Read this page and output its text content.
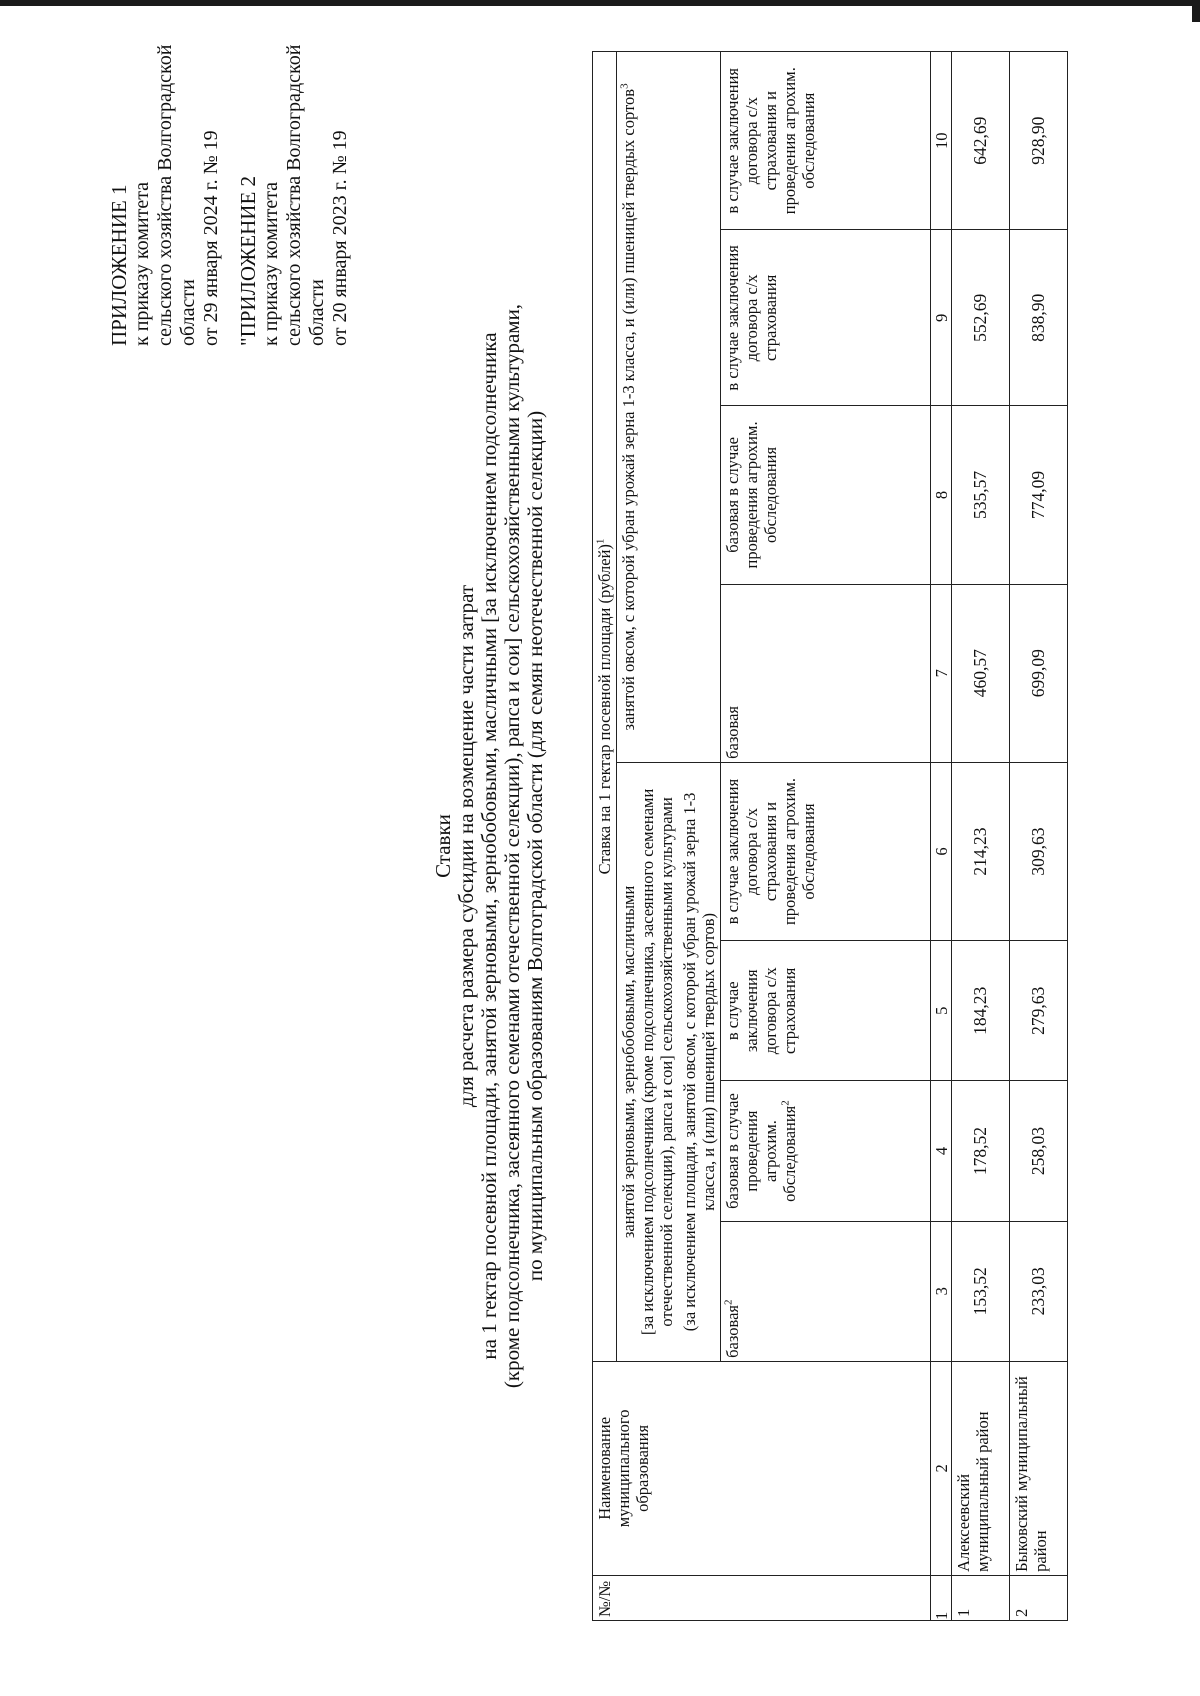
ПРИЛОЖЕНИЕ 1 к приказу комитета сельского хозяйства Волгоградской области от 29 января 2024 г. № 19 "ПРИЛОЖЕНИЕ 2 к приказу комитета сельского хозяйства Волгоградской области от 20 января 2023 г. № 19
Ставки для расчета размера субсидии на возмещение части затрат на 1 гектар посевной площади, занятой зерновыми, зернобобовыми, масличными [за исключением подсолнечника (кроме подсолнечника, засеянного семенами отечественной селекции), рапса и сои] сельскохозяйственными культурами, по муниципальным образованиям Волгоградской области (для семян неотечественной селекции)
№/№	Наименование муниципального образования	Ставка на 1 гектар посевной площади (рублей)$^1$

		занятой зерновыми, зернобобовыми, масличными [за исключением подсолнечника (кроме подсолнечника, засеянного семенами отечественной селекции), рапса и сои] сельскохозяйственными культурами (за исключением площади, занятой овсом, с которой убран урожай зерна 1-3 класса, и (или) пшеницей твердых сортов)				занятой овсом, с которой убран урожай зерна 1-3 класса, и (или) пшеницей твердых сортов$^3$
		базовая$^2$	базовая в случае проведения агрохим. обследования$^2$	в случае заключения договора с/х страхования	в случае заключения договора с/х страхования и проведения агрохим. обследования	базовая	базовая в случае проведения агрохим. обследования	в случае заключения договора с/х страхования	в случае заключения договора с/х страхования и проведения агрохим. обследования
1	2	3	4	5	6	7	8	9	10
1	Алексеевский муниципальный район	153,52	178,52	184,23	214,23	460,57	535,57	552,69	642,69
2	Быковский муниципальный район	233,03	258,03	279,63	309,63	699,09	774,09	838,90	928,90
